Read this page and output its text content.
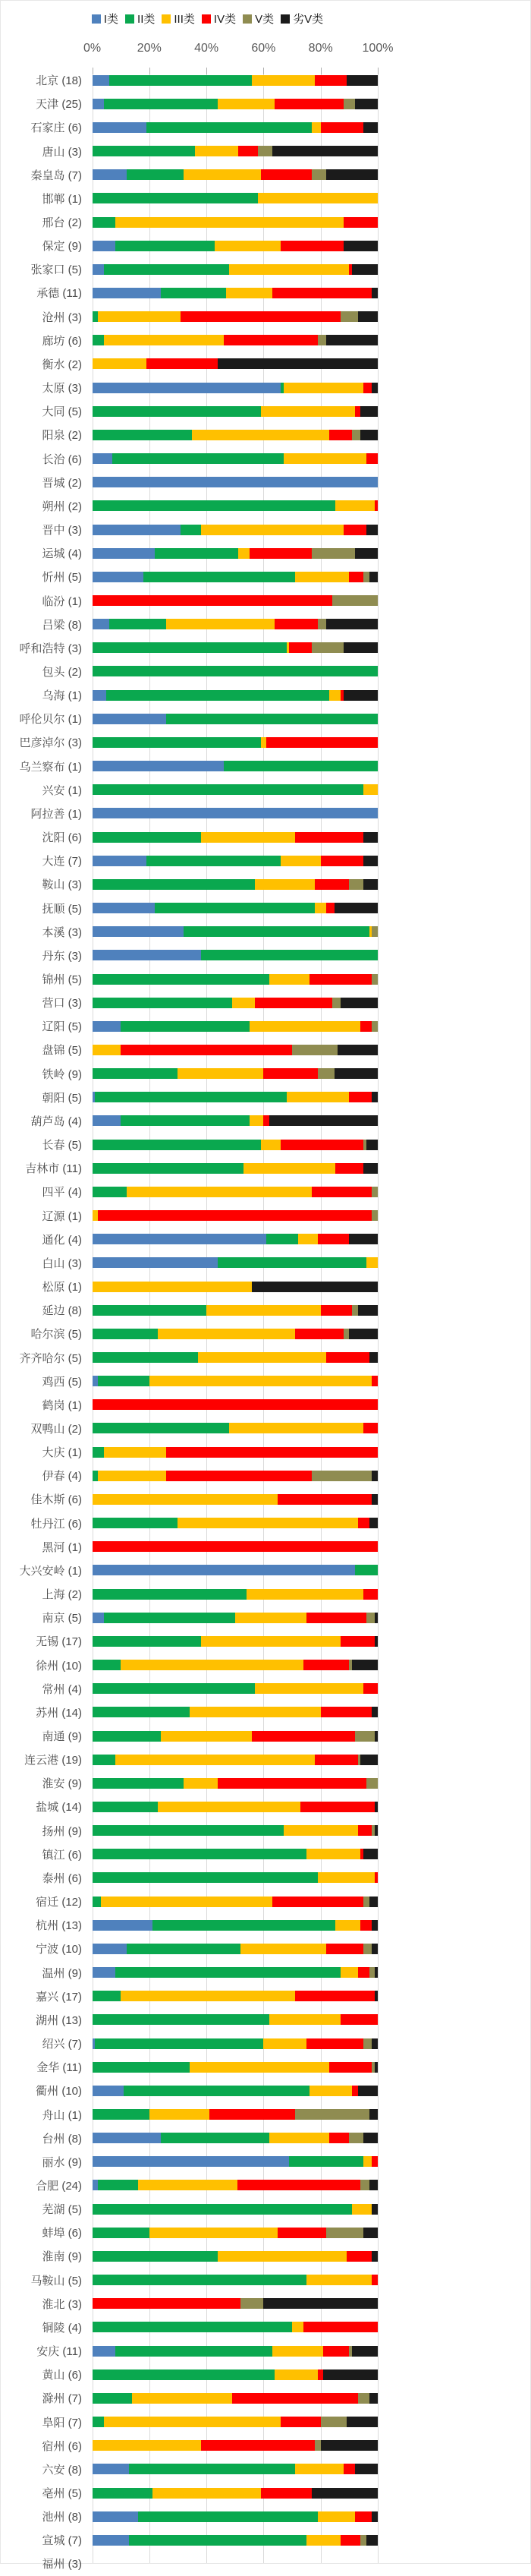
I类 II类 III类 IV类 V类 劣V类
0%	20%	40%	60%	80%	100%
北京 (18)
天津 (25)
石家庄 (6)
唐山 (3)
秦皇岛 (7)
邯郸 (1)
邢台 (2)
保定 (9)
张家口 (5)
承德 (11)
沧州 (3)
廊坊 (6)
衡水 (2)
太原 (3)
大同 (5)
阳泉 (2)
长治 (6)
晋城 (2)
朔州 (2)
晋中 (3)
运城 (4)
忻州 (5)
临汾 (1)
吕梁 (8)
呼和浩特 (3)
包头 (2)
乌海 (1)
呼伦贝尔 (1)
巴彦淖尔 (3)
乌兰察布 (1)
兴安 (1)
阿拉善 (1)
沈阳 (6)
大连 (7)
鞍山 (3)
抚顺 (5)
本溪 (3)
丹东 (3)
锦州 (5)
营口 (3)
辽阳 (5)
盘锦 (5)
铁岭 (9)
朝阳 (5)
葫芦岛 (4)
长春 (5)
吉林市 (11)
四平 (4)
辽源 (1)
通化 (4)
白山 (3)
松原 (1)
延边 (8)
哈尔滨 (5)
齐齐哈尔 (5)
鸡西 (5)
鹤岗 (1)
双鸭山 (2)
大庆 (1)
伊春 (4)
佳木斯 (6)
牡丹江 (6)
黑河 (1)
大兴安岭 (1)
上海 (2)
南京 (5)
无锡 (17)
徐州 (10)
常州 (4)
苏州 (14)
南通 (9)
连云港 (19)
淮安 (9)
盐城 (14)
扬州 (9)
镇江 (6)
泰州 (6)
宿迁 (12)
杭州 (13)
宁波 (10)
温州 (9)
嘉兴 (17)
湖州 (13)
绍兴 (7)
金华 (11)
衢州 (10)
舟山 (1)
台州 (8)
丽水 (9)
合肥 (24)
芜湖 (5)
蚌埠 (6)
淮南 (9)
马鞍山 (5)
淮北 (3)
铜陵 (4)
安庆 (11)
黄山 (6)
滁州 (7)
阜阳 (7)
宿州 (6)
六安 (8)
亳州 (5)
池州 (8)
宣城 (7)
福州 (3)
